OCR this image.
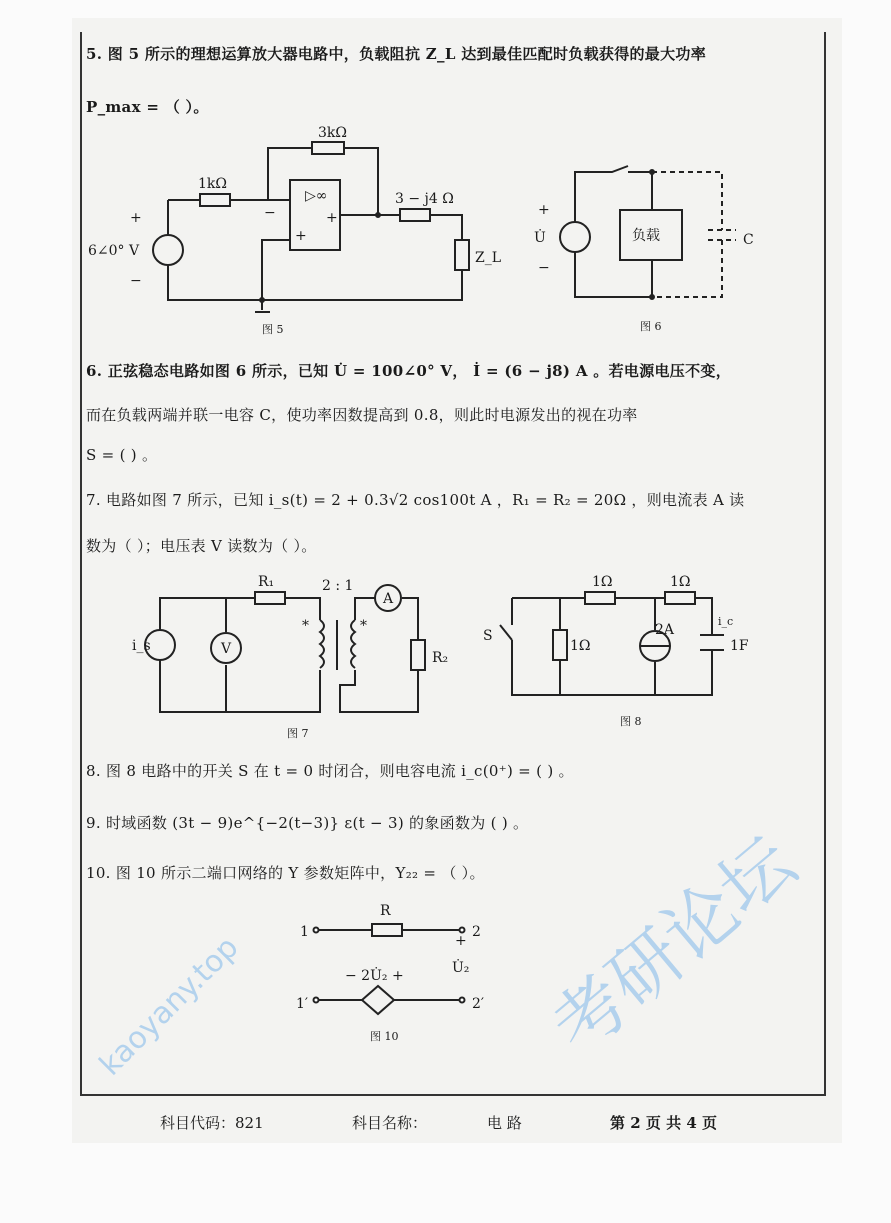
5. 图 5 所示的理想运算放大器电路中，负载阻抗 Z_L 达到最佳匹配时负载获得的最大功率
P_max = （ ）。
6. 正弦稳态电路如图 6 所示，已知 U̇ = 100∠0° V， İ = (6 − j8) A 。若电源电压不变，
而在负载两端并联一电容 C，使功率因数提高到 0.8，则此时电源发出的视在功率
S = ( ) 。
7. 电路如图 7 所示，已知 i_s(t) = 2 + 0.3√2 cos100t A ，R₁ = R₂ = 20Ω ，则电流表 A 读
数为（ ）；电压表 V 读数为（ ）。
8. 图 8 电路中的开关 S 在 t = 0 时闭合，则电容电流 i_c(0⁺) = ( ) 。
9. 时域函数 (3t − 9)e^{−2(t−3)} ε(t − 3) 的象函数为 ( ) 。
10. 图 10 所示二端口网络的 Y 参数矩阵中，Y₂₂ = （ ）。
3kΩ
1kΩ
3 − j4 Ω
Z_L
6∠0° V
+
−
▷∞
+
+
−
图 5
负载	C
U̇
+
−
图 6
R₁
R₂
2 : 1
A
V
i_s
*	*
图 7
1Ω	1Ω
1Ω
2A
1F
i_c
S
图 8
R
1	2
1′	2′
− 2U̇₂ +	U̇₂
+
图 10 考研论坛
kaoyany.top
科目代码：821	科目名称：	电 路	第 2 页 共 4 页
